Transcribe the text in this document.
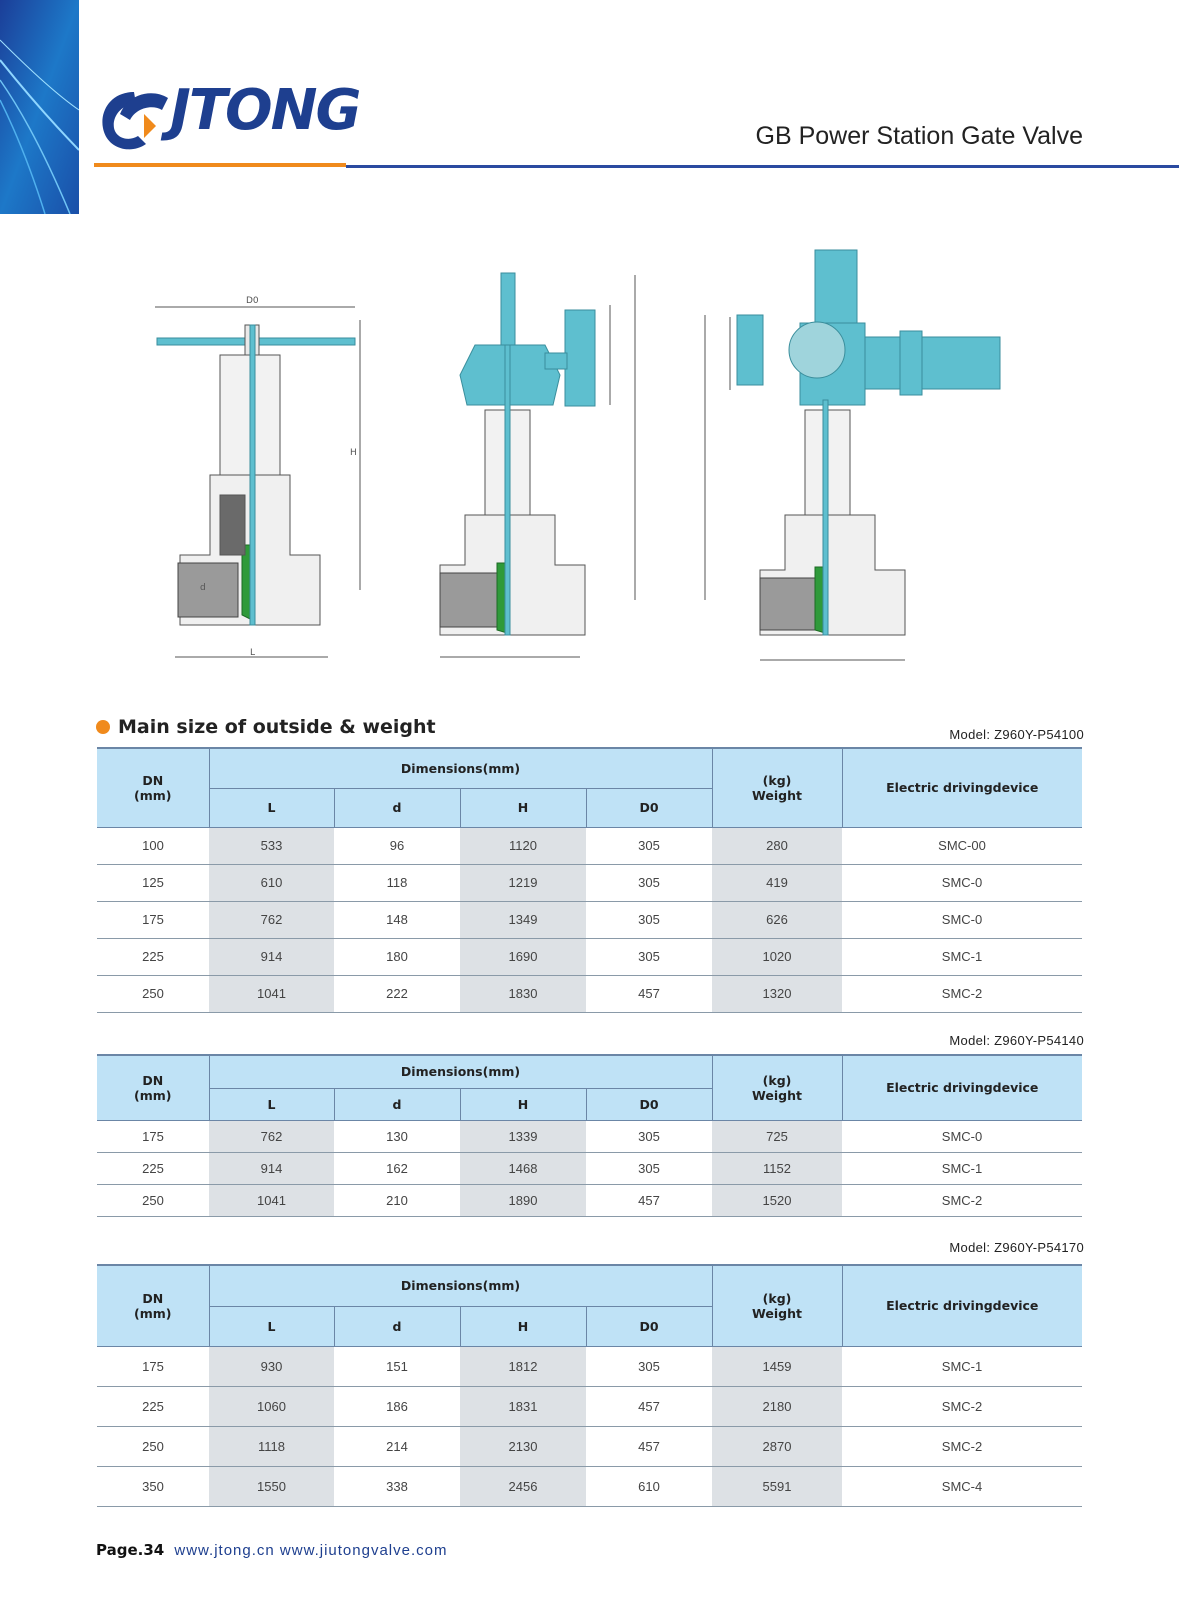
JTONG	GB Power Station Gate Valve
D0
H
L
d
Main size of outside & weight	Model: Z960Y-P54100
DN
(mm)	Dimensions(mm)				(kg)
Weight	Electric drivingdevice
	L	d	H	D0		
100	533	96	1120	305	280	SMC-00
125	610	118	1219	305	419	SMC-0
175	762	148	1349	305	626	SMC-0
225	914	180	1690	305	1020	SMC-1
250	1041	222	1830	457	1320	SMC-2
Model: Z960Y-P54140
DN
(mm)	Dimensions(mm)				(kg)
Weight	Electric drivingdevice
	L	d	H	D0		
175	762	130	1339	305	725	SMC-0
225	914	162	1468	305	1152	SMC-1
250	1041	210	1890	457	1520	SMC-2
Model: Z960Y-P54170
DN
(mm)	Dimensions(mm)				(kg)
Weight	Electric drivingdevice
	L	d	H	D0		
175	930	151	1812	305	1459	SMC-1
225	1060	186	1831	457	2180	SMC-2
250	1118	214	2130	457	2870	SMC-2
350	1550	338	2456	610	5591	SMC-4
Page.34 www.jtong.cn www.jiutongvalve.com
